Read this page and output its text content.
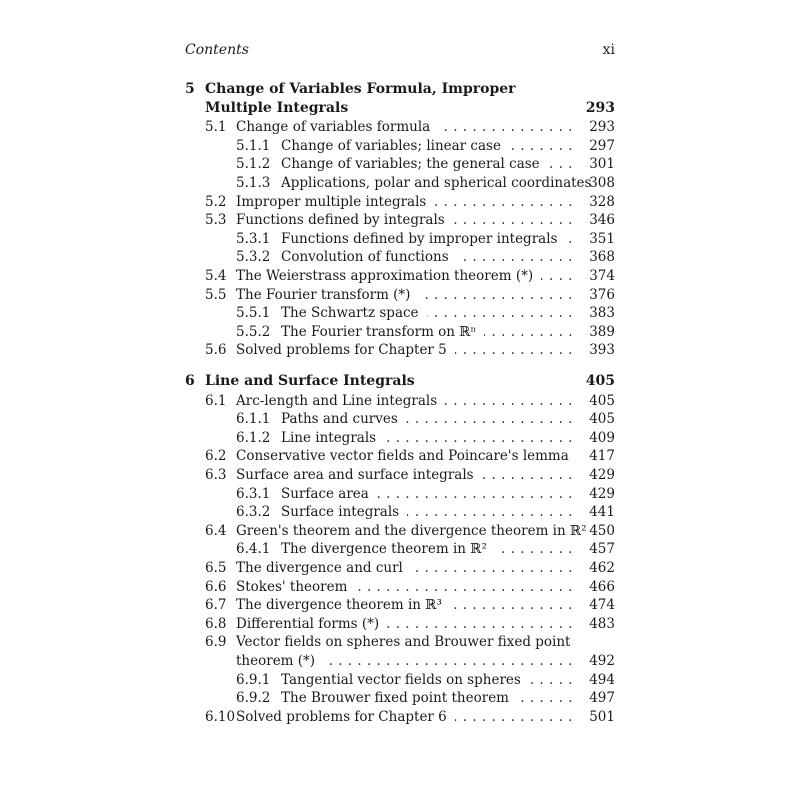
Contents	xi
5 Change of Variables Formula, Improper
Multiple Integrals	293
5.1 Change of variables formula	293
. . .
5.1.1 Change of variables; linear case	297
. . .
5.1.2 Change of variables; the general case	301
. . .
5.1.3 Applications, polar and spherical coordinates
308
5.2 Improper multiple integrals	328
. . .
5.3 Functions defined by integrals	346
. . .
5.3.1 Functions defined by improper integrals 351
. . .
5.3.2 Convolution of functions	368
. . .
5.4 The Weierstrass approximation theorem (*)	374
. . .
5.5 The Fourier transform (*)	376
. . .
5.5.1 The Schwartz space	383
. . .
5.5.2 The Fourier transform on ℝⁿ	389
. . .
5.6 Solved problems for Chapter 5	393
. . .
6 Line and Surface Integrals	405
6.1 Arc-length and Line integrals	405
. . .
6.1.1 Paths and curves	405
. . .
6.1.2 Line integrals	409
. . .
6.2 Conservative vector fields and Poincare's lemma 417
6.3 Surface area and surface integrals	429
. . .
6.3.1 Surface area	429
. . .
6.3.2 Surface integrals	441
. . .
6.4 Green's theorem and the divergence theorem in ℝ² 450
6.4.1 The divergence theorem in ℝ²	457
. . .
6.5 The divergence and curl	462
. . .
6.6 Stokes' theorem	466
. . .
6.7 The divergence theorem in ℝ³	474
. . .
6.8 Differential forms (*)	483
. . .
6.9 Vector fields on spheres and Brouwer fixed point
theorem (*)	492
. . .
6.9.1 Tangential vector fields on spheres	494
. . .
6.9.2 The Brouwer fixed point theorem	497
. . .
6.10 Solved problems for Chapter 6	501
. . .
